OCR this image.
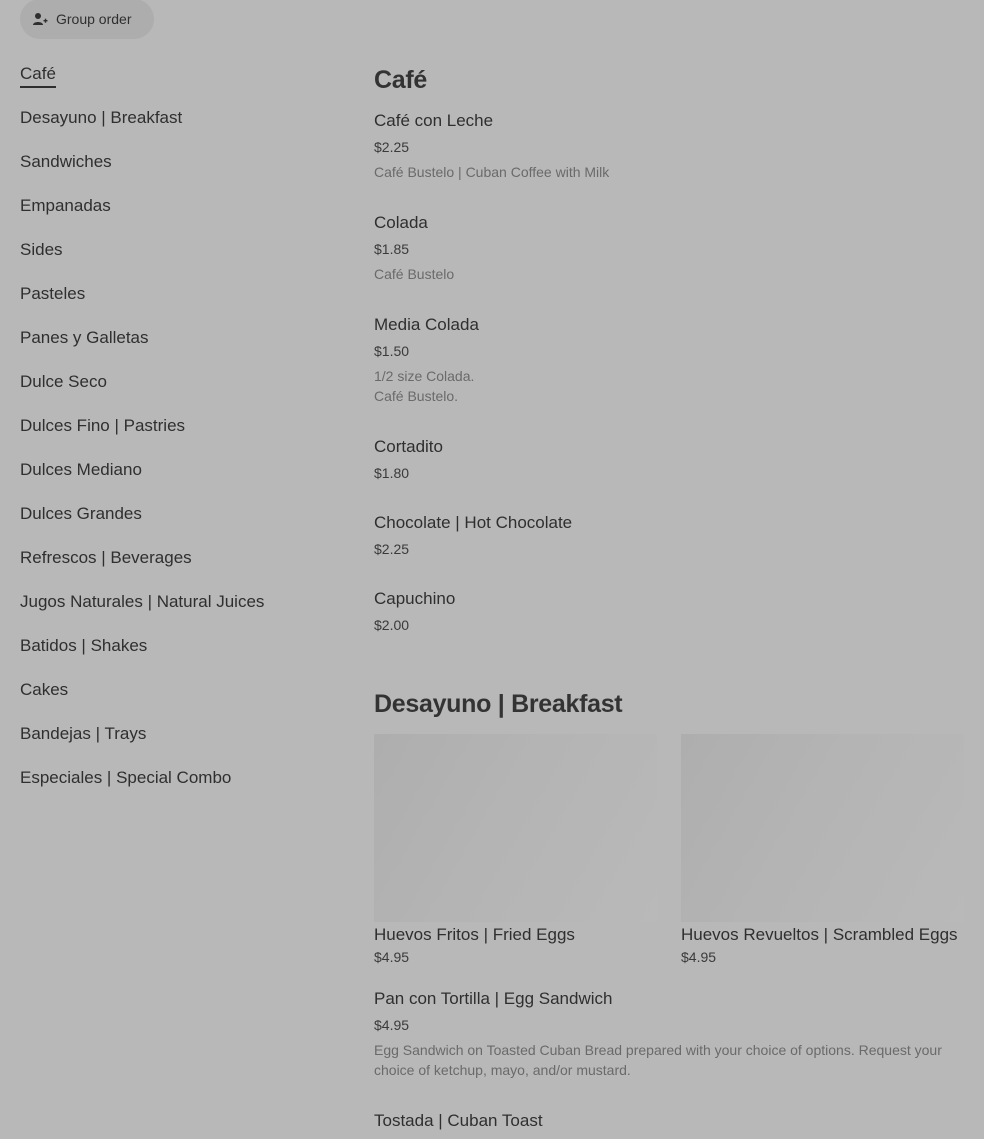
Group order
Café
Desayuno | Breakfast
Sandwiches
Empanadas
Sides
Pasteles
Panes y Galletas
Dulce Seco
Dulces Fino | Pastries
Dulces Mediano
Dulces Grandes
Refrescos | Beverages
Jugos Naturales | Natural Juices
Batidos | Shakes
Cakes
Bandejas | Trays
Especiales | Special Combo
Café
Café con Leche
$2.25
Café Bustelo | Cuban Coffee with Milk
Colada
$1.85
Café Bustelo
Media Colada
$1.50
1/2 size Colada.
Café Bustelo.
Cortadito
$1.80
Chocolate | Hot Chocolate
$2.25
Capuchino
$2.00
Desayuno | Breakfast
Huevos Fritos | Fried Eggs
$4.95
Huevos Revueltos | Scrambled Eggs
$4.95
Pan con Tortilla | Egg Sandwich
$4.95
Egg Sandwich on Toasted Cuban Bread prepared with your choice of options. Request your choice of ketchup, mayo, and/or mustard.
Tostada | Cuban Toast
